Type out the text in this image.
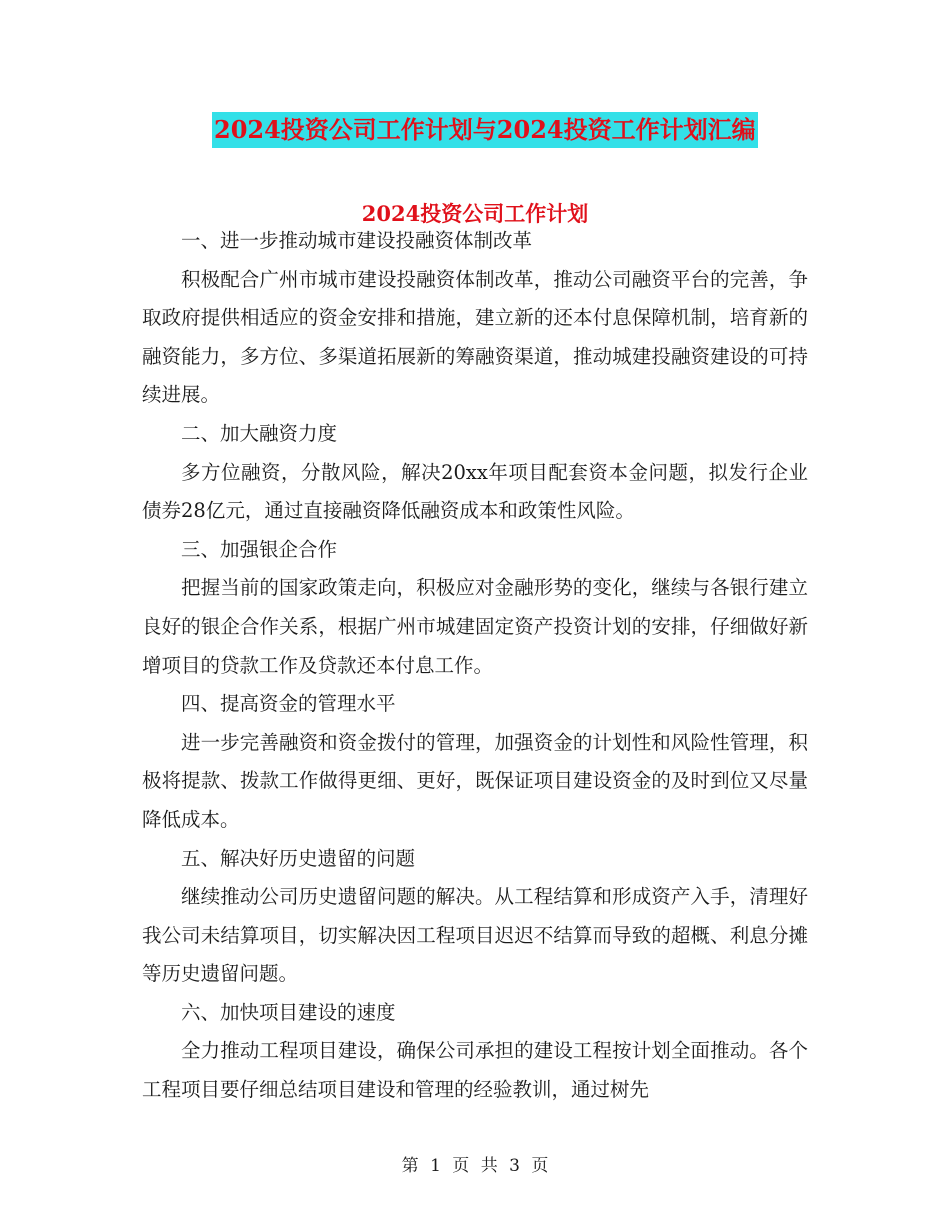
2024投资公司工作计划与2024投资工作计划汇编
2024投资公司工作计划

一、进一步推动城市建设投融资体制改革

积极配合广州市城市建设投融资体制改革，推动公司融资平台的完善，争取政府提供相适应的资金安排和措施，建立新的还本付息保障机制，培育新的融资能力，多方位、多渠道拓展新的筹融资渠道，推动城建投融资建设的可持续进展。

二、加大融资力度

多方位融资，分散风险，解决20xx年项目配套资本金问题，拟发行企业债券28亿元，通过直接融资降低融资成本和政策性风险。

三、加强银企合作

把握当前的国家政策走向，积极应对金融形势的变化，继续与各银行建立良好的银企合作关系，根据广州市城建固定资产投资计划的安排，仔细做好新增项目的贷款工作及贷款还本付息工作。

四、提高资金的管理水平

进一步完善融资和资金拨付的管理，加强资金的计划性和风险性管理，积极将提款、拨款工作做得更细、更好，既保证项目建设资金的及时到位又尽量降低成本。

五、解决好历史遗留的问题

继续推动公司历史遗留问题的解决。从工程结算和形成资产入手，清理好我公司未结算项目，切实解决因工程项目迟迟不结算而导致的超概、利息分摊等历史遗留问题。

六、加快项目建设的速度

全力推动工程项目建设，确保公司承担的建设工程按计划全面推动。各个工程项目要仔细总结项目建设和管理的经验教训，通过树先

第 1 页 共 3 页
